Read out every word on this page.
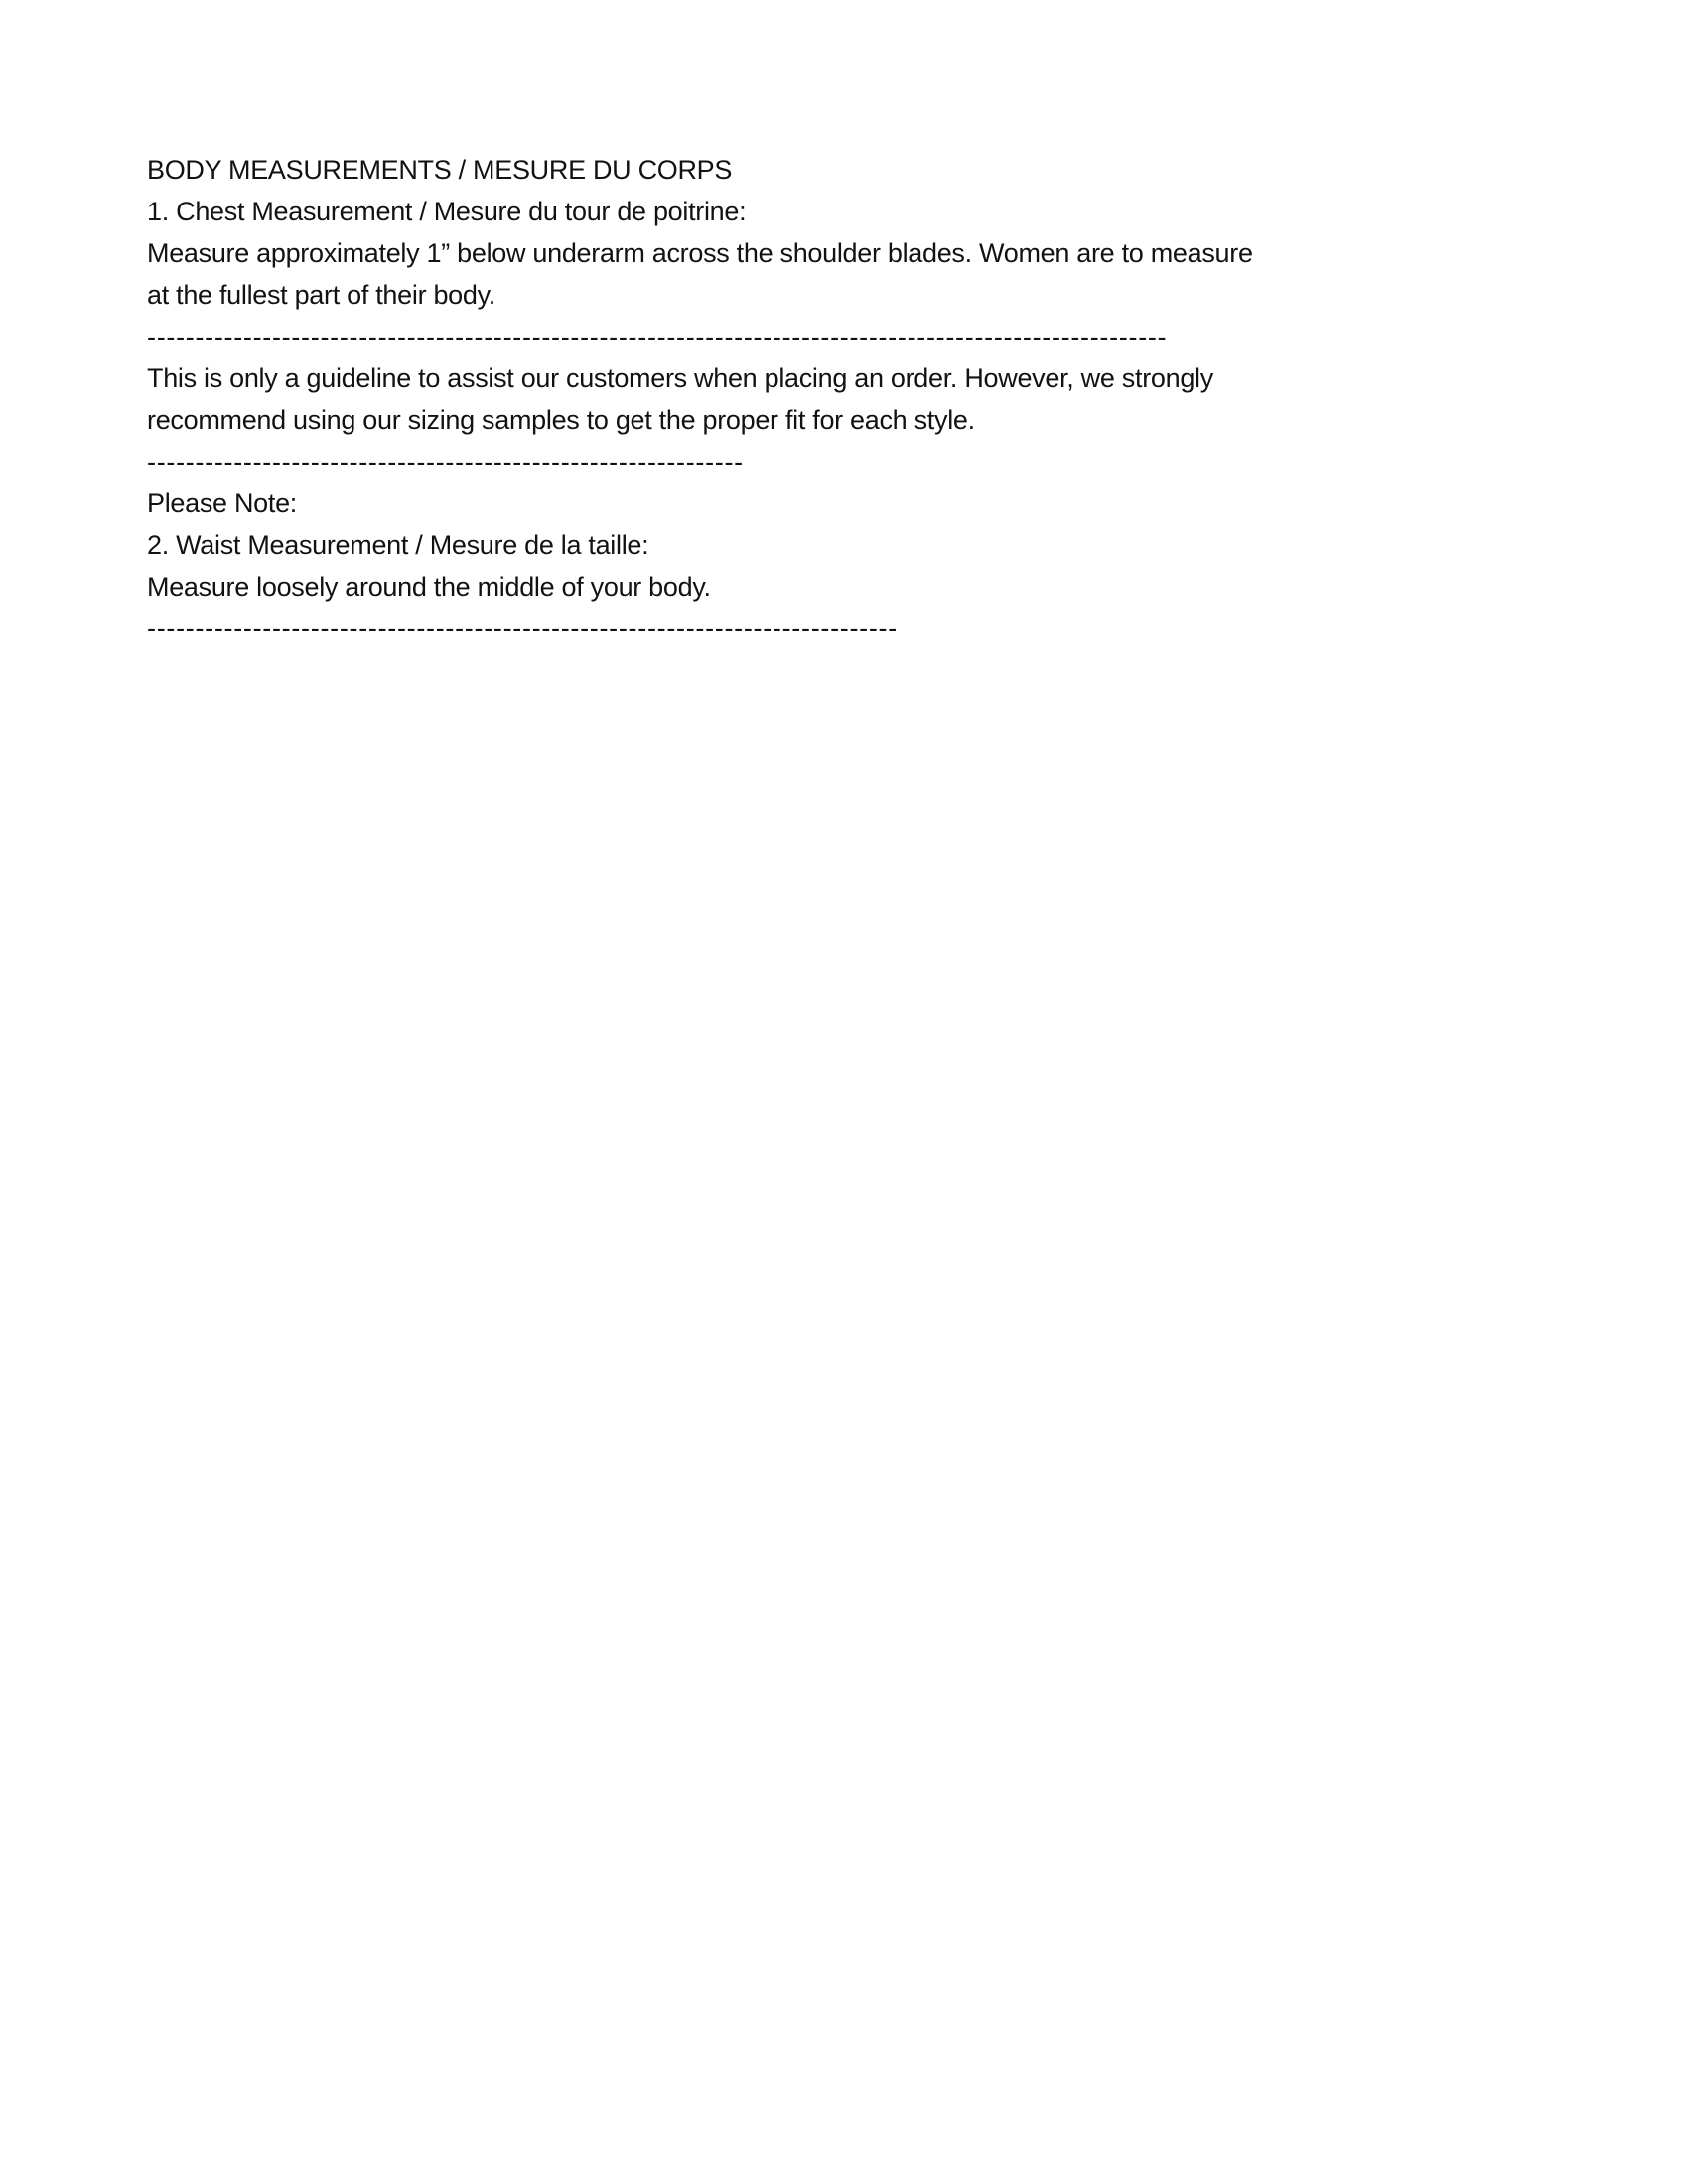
BODY MEASUREMENTS / MESURE DU CORPS

1. Chest Measurement / Mesure du tour de poitrine:

Measure approximately 1” below underarm across the shoulder blades. Women are to measure

at the fullest part of their body.

----------------------------------------------------------------------------------------------------------

This is only a guideline to assist our customers when placing an order. However, we strongly

recommend using our sizing samples to get the proper fit for each style.

--------------------------------------------------------------

Please Note:

2. Waist Measurement / Mesure de la taille:

Measure loosely around the middle of your body.

------------------------------------------------------------------------------
